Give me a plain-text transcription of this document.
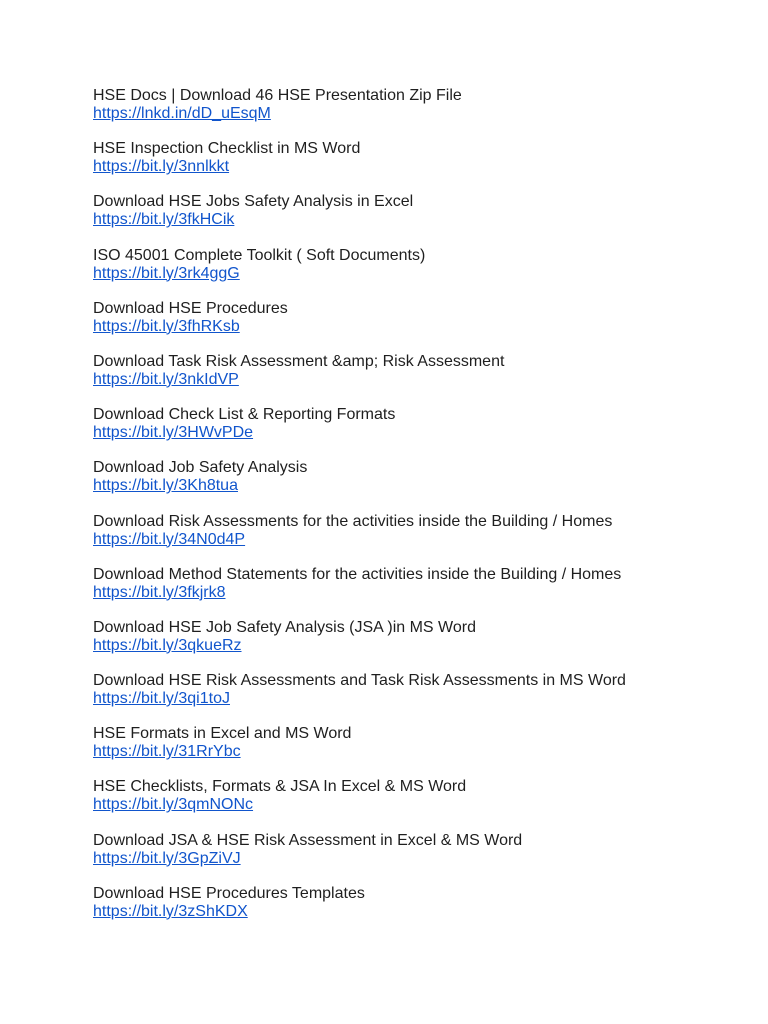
HSE Docs | Download 46 HSE Presentation Zip File
https://lnkd.in/dD_uEsqM
HSE Inspection Checklist in MS Word
https://bit.ly/3nnlkkt
Download HSE Jobs Safety Analysis in Excel
https://bit.ly/3fkHCik
ISO 45001 Complete Toolkit ( Soft Documents)
https://bit.ly/3rk4ggG
Download HSE Procedures
https://bit.ly/3fhRKsb
Download Task Risk Assessment &amp; Risk Assessment
https://bit.ly/3nkIdVP
Download Check List & Reporting Formats
https://bit.ly/3HWvPDe
Download Job Safety Analysis
https://bit.ly/3Kh8tua
Download Risk Assessments for the activities inside the Building / Homes
https://bit.ly/34N0d4P
Download Method Statements for the activities inside the Building / Homes
https://bit.ly/3fkjrk8
Download HSE Job Safety Analysis (JSA )in MS Word
https://bit.ly/3qkueRz
Download HSE Risk Assessments and Task Risk Assessments in MS Word
https://bit.ly/3qi1toJ
HSE Formats in Excel and MS Word
https://bit.ly/31RrYbc
HSE Checklists, Formats & JSA In Excel & MS Word
https://bit.ly/3qmNONc
Download JSA & HSE Risk Assessment in Excel & MS Word
https://bit.ly/3GpZiVJ
Download HSE Procedures Templates
https://bit.ly/3zShKDX
